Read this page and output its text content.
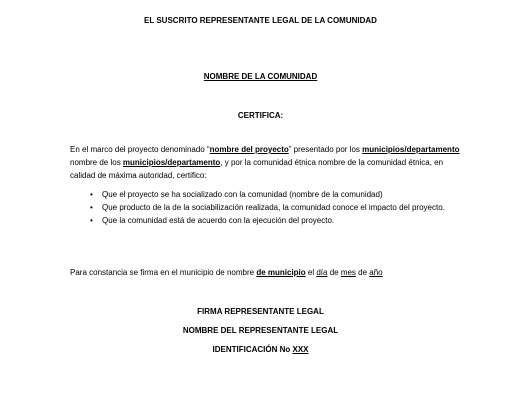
EL SUSCRITO REPRESENTANTE LEGAL DE LA COMUNIDAD
NOMBRE DE LA COMUNIDAD
CERTIFICA:
En el marco del proyecto denominado “nombre del proyecto” presentado por los municipios/departamento
nombre de los municipios/departamento, y por la comunidad étnica nombre de la comunidad étnica, en
calidad de máxima autoridad, certifico:
• Que el proyecto se ha socializado con la comunidad (nombre de la comunidad)
• Que producto de la de la sociabilización realizada, la comunidad conoce el impacto del proyecto.
• Que la comunidad está de acuerdo con la ejecución del proyecto.
Para constancia se firma en el municipio de nombre de municipio el día de mes de año
FIRMA REPRESENTANTE LEGAL
NOMBRE DEL REPRESENTANTE LEGAL
IDENTIFICACIÓN No XXX
